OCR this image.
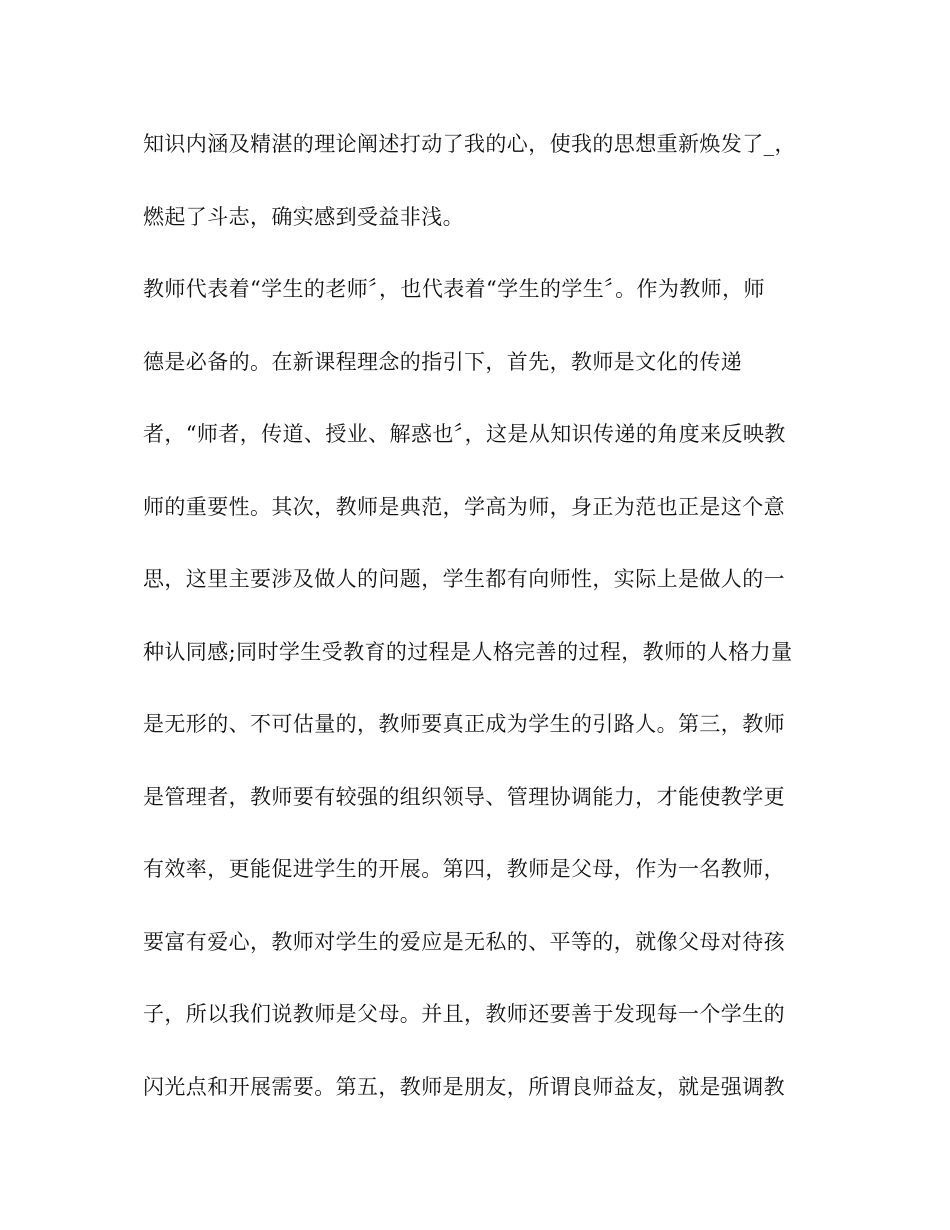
知识内涵及精湛的理论阐述打动了我的心，使我的思想重新焕发了_，
燃起了斗志，确实感到受益非浅。
教师代表着“学生的老师〞，也代表着“学生的学生〞。作为教师，师
德是必备的。在新课程理念的指引下，首先，教师是文化的传递
者，“师者，传道、授业、解惑也〞，这是从知识传递的角度来反映教
师的重要性。其次，教师是典范，学高为师，身正为范也正是这个意
思，这里主要涉及做人的问题，学生都有向师性，实际上是做人的一
种认同感;同时学生受教育的过程是人格完善的过程，教师的人格力量
是无形的、不可估量的，教师要真正成为学生的引路人。第三，教师
是管理者，教师要有较强的组织领导、管理协调能力，才能使教学更
有效率，更能促进学生的开展。第四，教师是父母，作为一名教师，
要富有爱心，教师对学生的爱应是无私的、平等的，就像父母对待孩
子，所以我们说教师是父母。并且，教师还要善于发现每一个学生的
闪光点和开展需要。第五，教师是朋友，所谓良师益友，就是强调教
